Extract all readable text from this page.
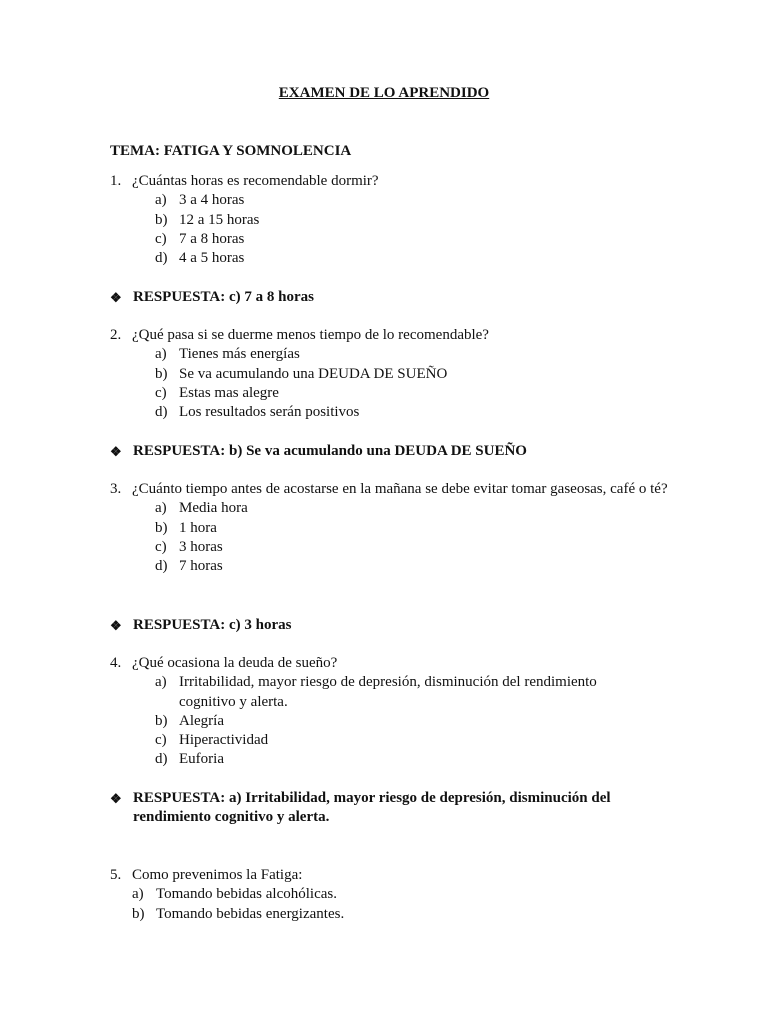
EXAMEN DE LO APRENDIDO
TEMA: FATIGA Y SOMNOLENCIA
1. ¿Cuántas horas es recomendable dormir?
a) 3 a 4 horas
b) 12 a 15 horas
c) 7 a 8 horas
d) 4 a 5 horas
❖ RESPUESTA: c) 7 a 8 horas
2. ¿Qué pasa si se duerme menos tiempo de lo recomendable?
a) Tienes más energías
b) Se va acumulando una DEUDA DE SUEÑO
c) Estas mas alegre
d) Los resultados serán positivos
❖ RESPUESTA: b) Se va acumulando una DEUDA DE SUEÑO
3. ¿Cuánto tiempo antes de acostarse en la mañana se debe evitar tomar gaseosas, café o té?
a) Media hora
b) 1 hora
c) 3 horas
d) 7 horas
❖ RESPUESTA: c) 3 horas
4. ¿Qué ocasiona la deuda de sueño?
a) Irritabilidad, mayor riesgo de depresión, disminución del rendimiento cognitivo y alerta.
b) Alegría
c) Hiperactividad
d) Euforia
❖ RESPUESTA: a) Irritabilidad, mayor riesgo de depresión, disminución del rendimiento cognitivo y alerta.
5. Como prevenimos la Fatiga:
a) Tomando bebidas alcohólicas.
b) Tomando bebidas energizantes.
